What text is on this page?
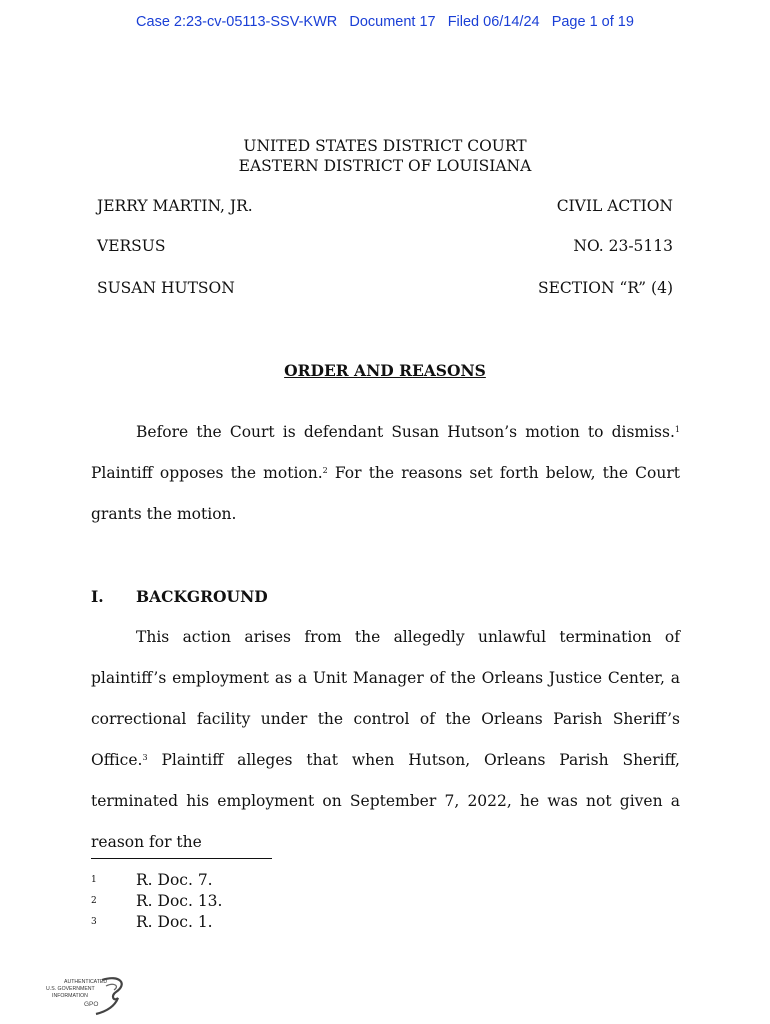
Case 2:23-cv-05113-SSV-KWR Document 17 Filed 06/14/24 Page 1 of 19
UNITED STATES DISTRICT COURT
EASTERN DISTRICT OF LOUISIANA
JERRY MARTIN, JR.	CIVIL ACTION
VERSUS	NO. 23-5113
SUSAN HUTSON	SECTION “R” (4)
ORDER AND REASONS
Before the Court is defendant Susan Hutson’s motion to dismiss.$^1$ Plaintiff opposes the motion.$^2$ For the reasons set forth below, the Court grants the motion.
I. BACKGROUND
This action arises from the allegedly unlawful termination of plaintiff’s employment as a Unit Manager of the Orleans Justice Center, a correctional facility under the control of the Orleans Parish Sheriff’s Office.$^3$ Plaintiff alleges that when Hutson, Orleans Parish Sheriff, terminated his employment on September 7, 2022, he was not given a reason for the
1	R. Doc. 7.
2	R. Doc. 13.
3	R. Doc. 1.
AUTHENTICATED
U.S. GOVERNMENT
INFORMATION
GPO
